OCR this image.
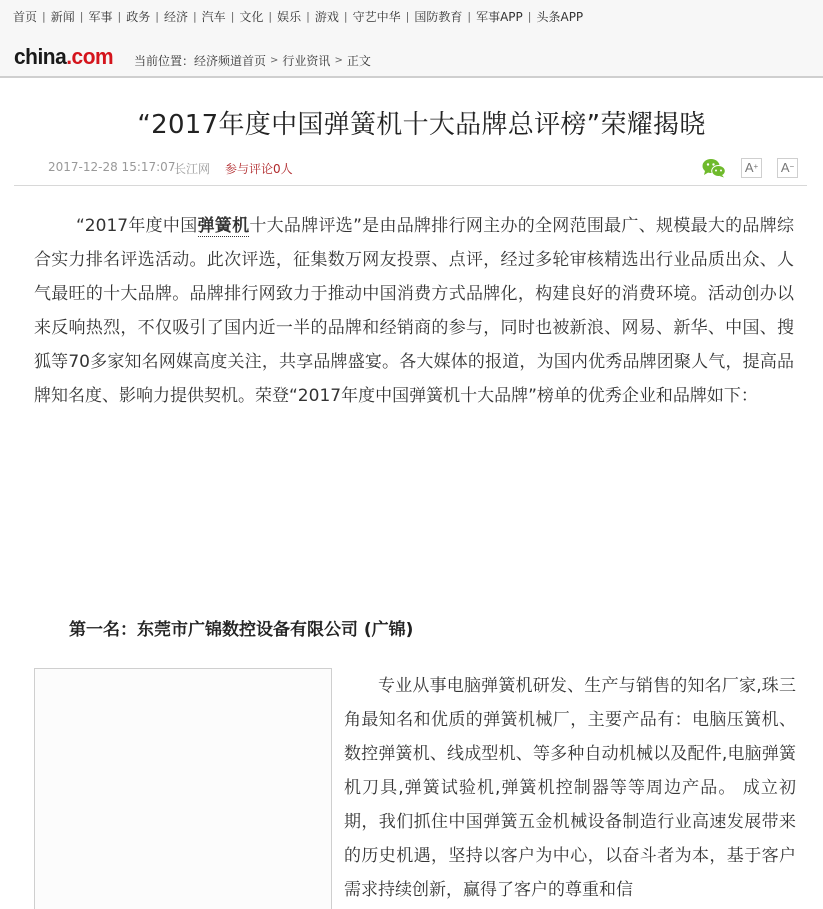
首页 | 新闻 | 军事 | 政务 | 经济 | 汽车 | 文化 | 娱乐 | 游戏 | 守艺中华 | 国防教育 | 军事APP | 头条APP
china.com 当前位置： 经济频道首页 > 行业资讯 > 正文
“2017年度中国弹簧机十大品牌总评榜”荣耀揭晓
2017-12-28 15:17:07
长江网 参与评论0人	A+ A−

“2017年度中国弹簧机十大品牌评选”是由品牌排行网主办的全网范围最广、规模最大的品牌综合实力排名评选活动。此次评选，征集数万网友投票、点评，经过多轮审核精选出行业品质出众、人气最旺的十大品牌。品牌排行网致力于推动中国消费方式品牌化，构建良好的消费环境。活动创办以来反响热烈，不仅吸引了国内近一半的品牌和经销商的参与，同时也被新浪、网易、新华、中国、搜狐等70多家知名网媒高度关注，共享品牌盛宴。各大媒体的报道，为国内优秀品牌团聚人气，提高品牌知名度、影响力提供契机。荣登“2017年度中国弹簧机十大品牌”榜单的优秀企业和品牌如下：

第一名：东莞市广锦数控设备有限公司 (广锦)

专业从事电脑弹簧机研发、生产与销售的知名厂家,珠三角最知名和优质的弹簧机械厂，主要产品有：电脑压簧机、数控弹簧机、线成型机、等多种自动机械以及配件,电脑弹簧机刀具,弹簧试验机,弹簧机控制器等等周边产品。 成立初期，我们抓住中国弹簧五金机械设备制造行业高速发展带来的历史机遇，坚持以客户为中心，以奋斗者为本，基于客户需求持续创新，赢得了客户的尊重和信
